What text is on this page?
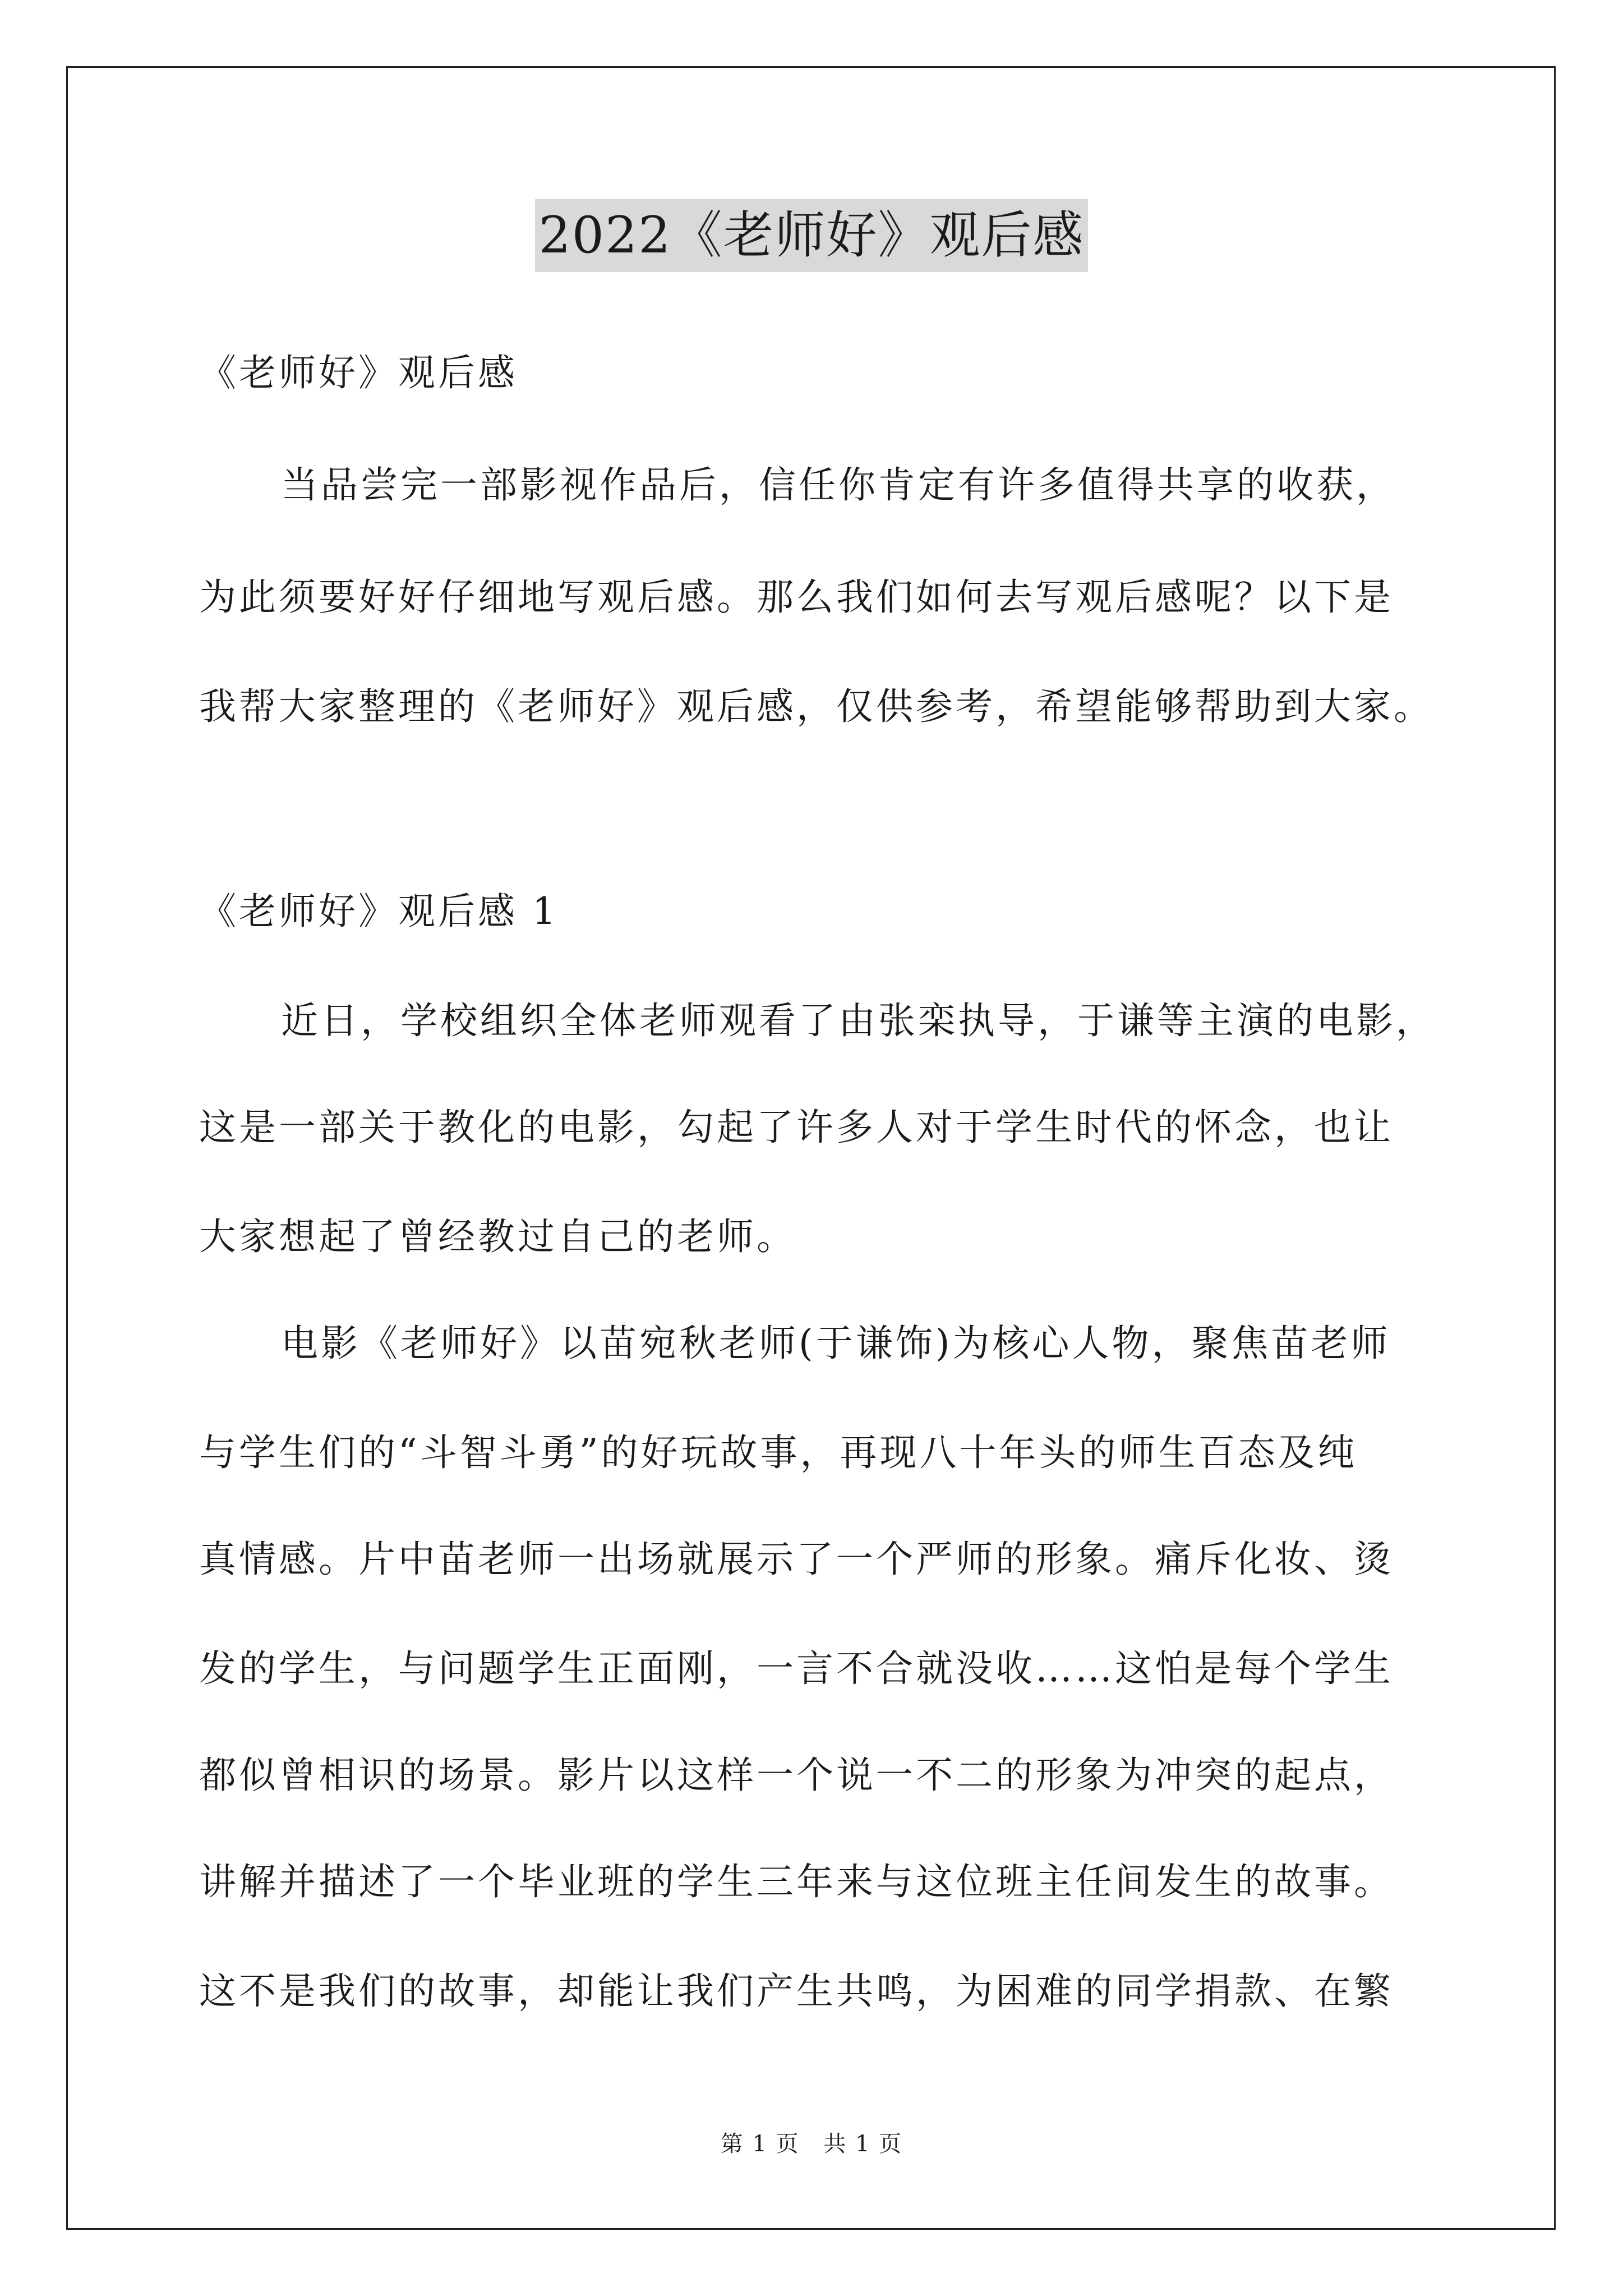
2022《老师好》观后感
《老师好》观后感
当品尝完一部影视作品后，信任你肯定有许多值得共享的收获，
为此须要好好仔细地写观后感。那么我们如何去写观后感呢？以下是
我帮大家整理的《老师好》观后感，仅供参考，希望能够帮助到大家。
《老师好》观后感 1
近日，学校组织全体老师观看了由张栾执导，于谦等主演的电影，
这是一部关于教化的电影，勾起了许多人对于学生时代的怀念，也让
大家想起了曾经教过自己的老师。
电影《老师好》以苗宛秋老师(于谦饰)为核心人物，聚焦苗老师
与学生们的“斗智斗勇”的好玩故事，再现八十年头的师生百态及纯
真情感。片中苗老师一出场就展示了一个严师的形象。痛斥化妆、烫
发的学生，与问题学生正面刚，一言不合就没收……这怕是每个学生
都似曾相识的场景。影片以这样一个说一不二的形象为冲突的起点，
讲解并描述了一个毕业班的学生三年来与这位班主任间发生的故事。
这不是我们的故事，却能让我们产生共鸣，为困难的同学捐款、在繁
第 1 页 共 1 页
